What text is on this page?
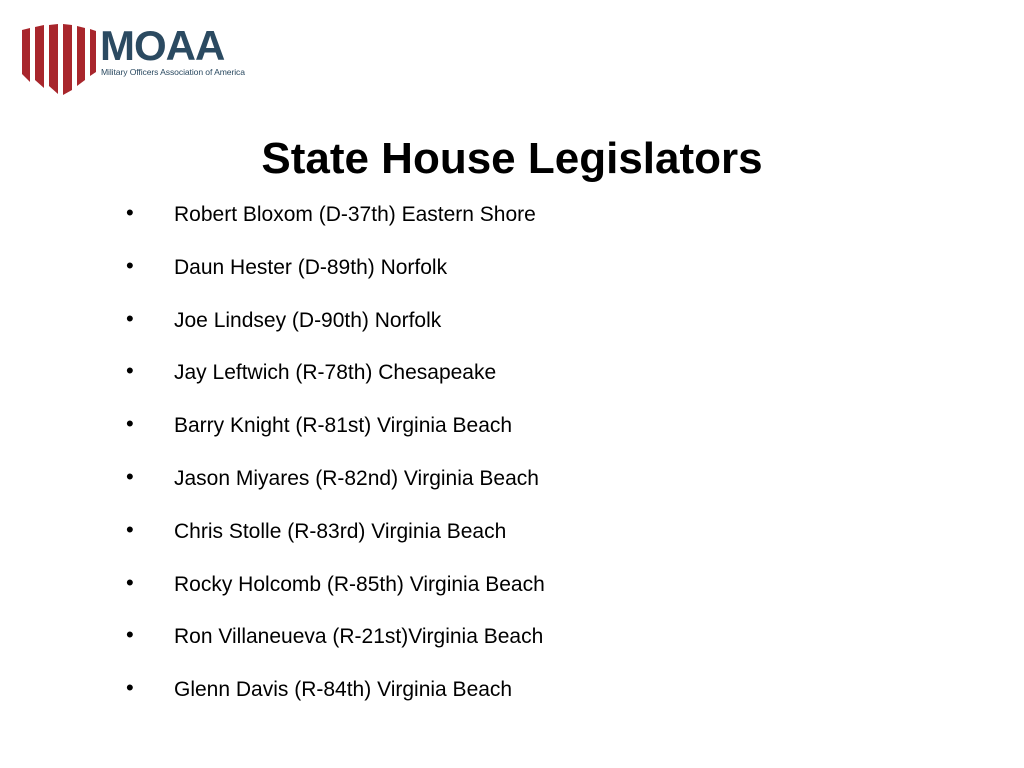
MOAA
Military Officers Association of America
State House Legislators
• Robert Bloxom (D-37th) Eastern Shore
• Daun Hester (D-89th) Norfolk
• Joe Lindsey (D-90th) Norfolk
• Jay Leftwich (R-78th) Chesapeake
• Barry Knight (R-81st) Virginia Beach
• Jason Miyares (R-82nd) Virginia Beach
• Chris Stolle (R-83rd) Virginia Beach
• Rocky Holcomb (R-85th) Virginia Beach
• Ron Villaneueva (R-21st)Virginia Beach
• Glenn Davis (R-84th) Virginia Beach
